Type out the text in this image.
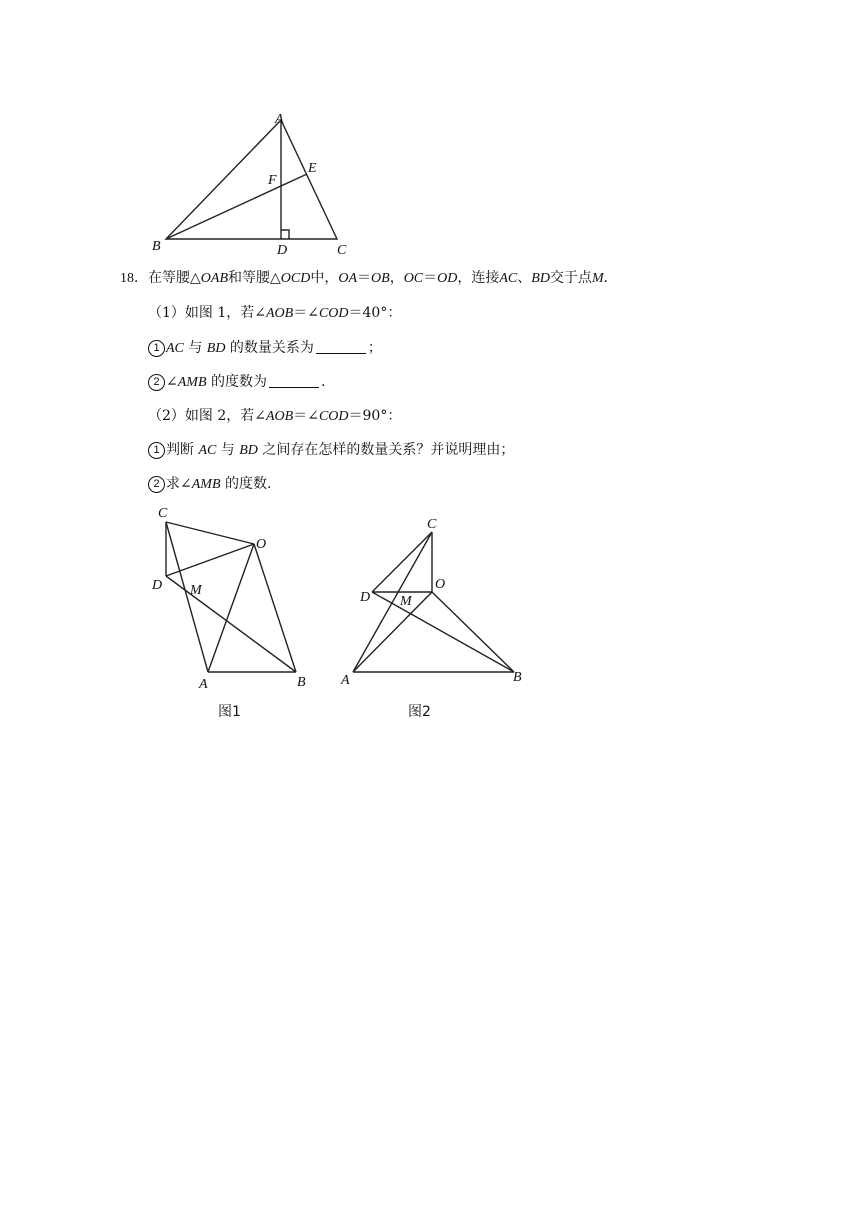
A
E
F
B	D	C
18．在等腰△OAB和等腰△OCD中，OA＝OB，OC＝OD，连接AC、BD交于点M.
（1）如图 1，若∠AOB＝∠COD＝40°：
1 AC 与 BD 的数量关系为	；
2 ∠AMB 的度数为	.
（2）如图 2，若∠AOB＝∠COD＝90°：
1 判断 AC 与 BD 之间存在怎样的数量关系？并说明理由；
2 求∠AMB 的度数.
C
O
D M
A	B
图1
C
O
D M
A	B
图2
